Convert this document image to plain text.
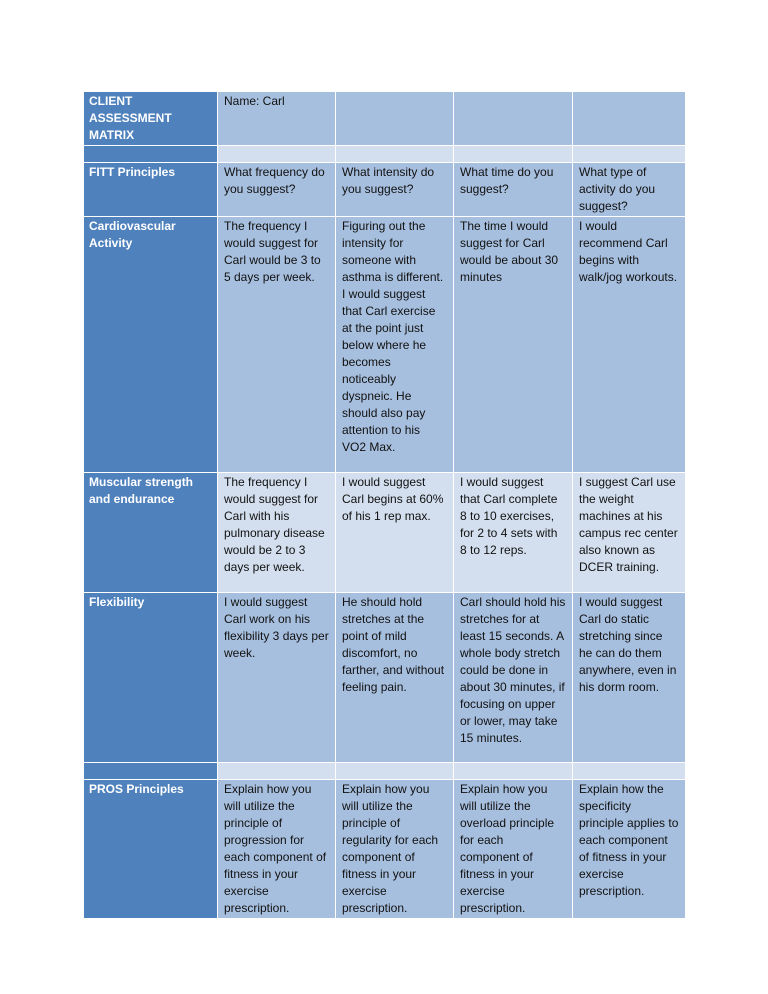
CLIENT ASSESSMENT MATRIX	Name: Carl			

FITT Principles	What frequency do you suggest?	What intensity do you suggest?	What time do you suggest?	What type of activity do you suggest?
Cardiovascular Activity	The frequency I would suggest for Carl would be 3 to 5 days per week.	Figuring out the intensity for someone with asthma is different. I would suggest that Carl exercise at the point just below where he becomes noticeably dyspneic. He should also pay attention to his VO2 Max.	The time I would suggest for Carl would be about 30 minutes	I would recommend Carl begins with walk/jog workouts.
Muscular strength and endurance	The frequency I would suggest for Carl with his pulmonary disease would be 2 to 3 days per week.	I would suggest Carl begins at 60% of his 1 rep max.	I would suggest that Carl complete 8 to 10 exercises, for 2 to 4 sets with 8 to 12 reps.	I suggest Carl use the weight machines at his campus rec center also known as DCER training.
Flexibility	I would suggest Carl work on his flexibility 3 days per week.	He should hold stretches at the point of mild discomfort, no farther, and without feeling pain.	Carl should hold his stretches for at least 15 seconds. A whole body stretch could be done in about 30 minutes, if focusing on upper or lower, may take 15 minutes.	I would suggest Carl do static stretching since he can do them anywhere, even in his dorm room.

PROS Principles	Explain how you will utilize the principle of progression for each component of fitness in your exercise prescription.	Explain how you will utilize the principle of regularity for each component of fitness in your exercise prescription.	Explain how you will utilize the overload principle for each component of fitness in your exercise prescription.	Explain how the specificity principle applies to each component of fitness in your exercise prescription.
